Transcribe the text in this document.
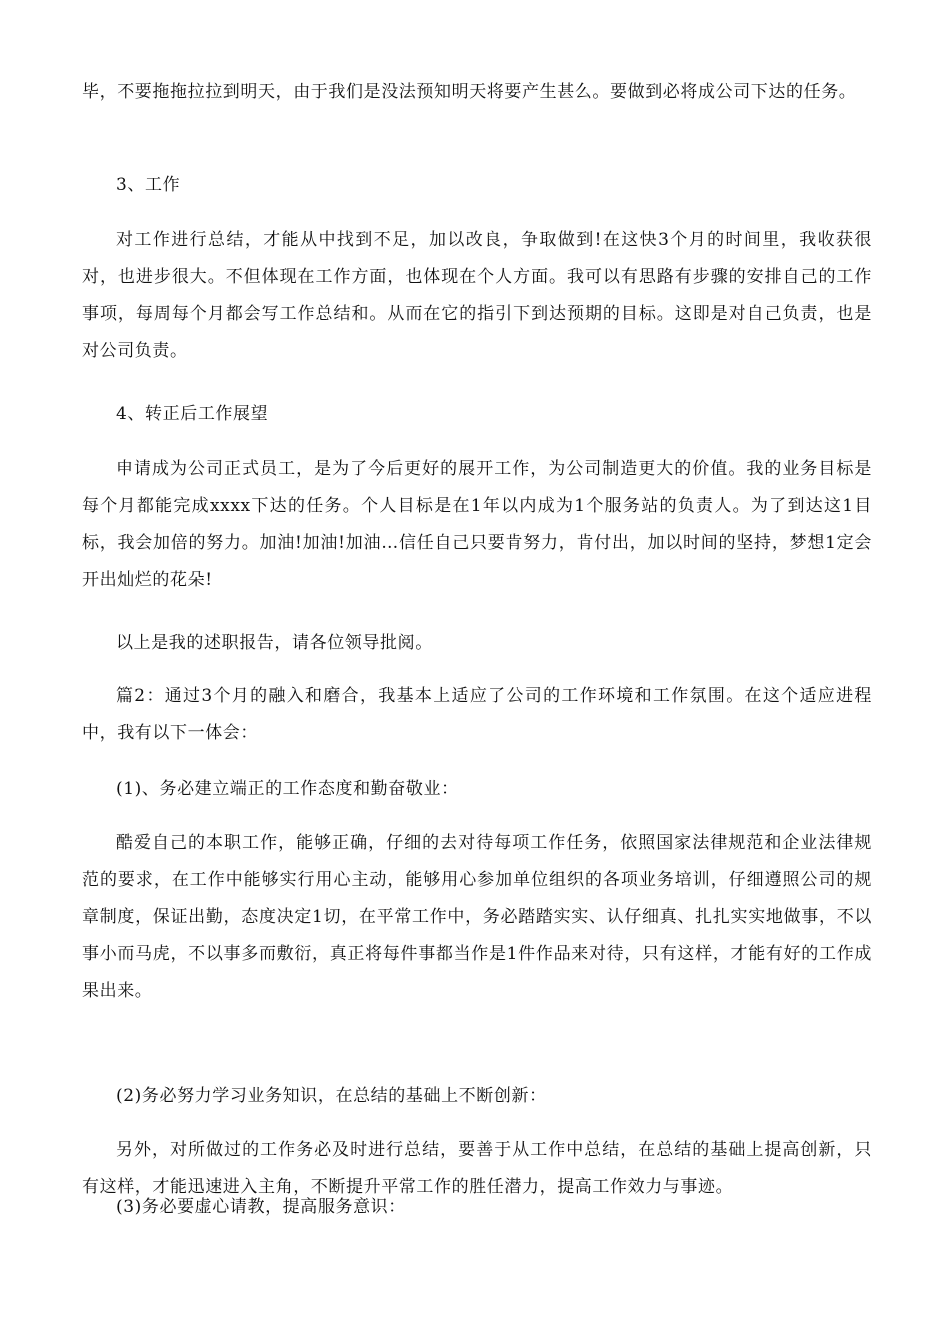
毕，不要拖拖拉拉到明天，由于我们是没法预知明天将要产生甚么。要做到必将成公司下达的任务。

3、工作

对工作进行总结，才能从中找到不足，加以改良，争取做到!在这快3个月的时间里，我收获很对，也进步很大。不但体现在工作方面，也体现在个人方面。我可以有思路有步骤的安排自己的工作事项，每周每个月都会写工作总结和。从而在它的指引下到达预期的目标。这即是对自己负责，也是对公司负责。

4、转正后工作展望

申请成为公司正式员工，是为了今后更好的展开工作，为公司制造更大的价值。我的业务目标是每个月都能完成xxxx下达的任务。个人目标是在1年以内成为1个服务站的负责人。为了到达这1目标，我会加倍的努力。加油!加油!加油…信任自己只要肯努力，肯付出，加以时间的坚持，梦想1定会开出灿烂的花朵!

以上是我的述职报告，请各位领导批阅。

篇2：通过3个月的融入和磨合，我基本上适应了公司的工作环境和工作氛围。在这个适应进程中，我有以下一体会：

(1)、务必建立端正的工作态度和勤奋敬业：

酷爱自己的本职工作，能够正确，仔细的去对待每项工作任务，依照国家法律规范和企业法律规范的要求，在工作中能够实行用心主动，能够用心参加单位组织的各项业务培训，仔细遵照公司的规章制度，保证出勤，态度决定1切，在平常工作中，务必踏踏实实、认仔细真、扎扎实实地做事，不以事小而马虎，不以事多而敷衍，真正将每件事都当作是1件作品来对待，只有这样，才能有好的工作成果出来。

(2)务必努力学习业务知识，在总结的基础上不断创新：

另外，对所做过的工作务必及时进行总结，要善于从工作中总结，在总结的基础上提高创新，只有这样，才能迅速进入主角，不断提升平常工作的胜任潜力，提高工作效力与事迹。

(3)务必要虚心请教，提高服务意识：
